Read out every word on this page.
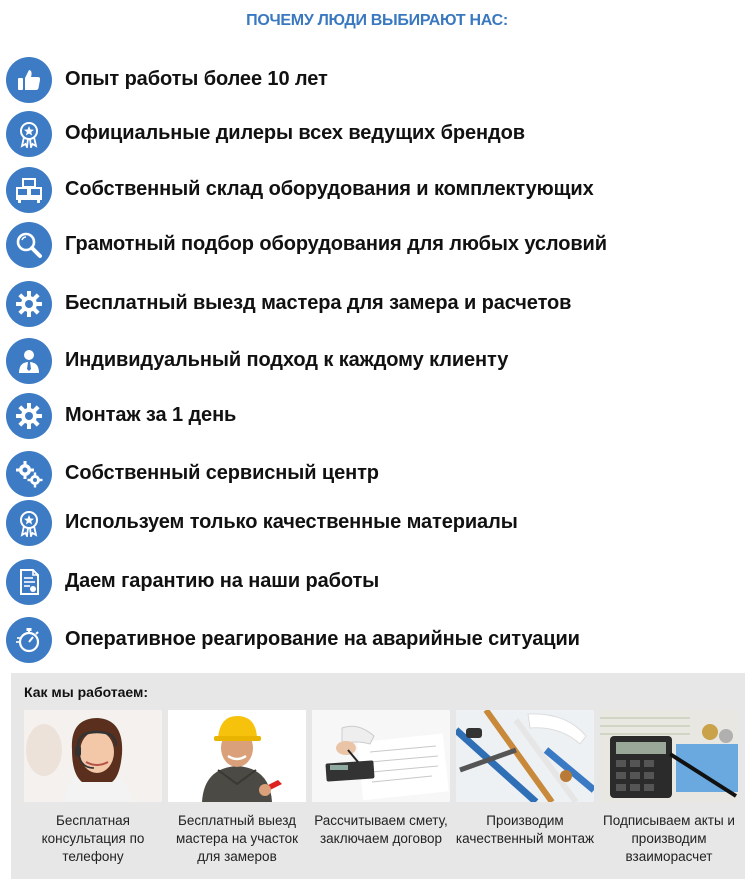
ПОЧЕМУ ЛЮДИ ВЫБИРАЮТ НАС:
Опыт работы более 10 лет
Официальные дилеры всех ведущих брендов
Собственный склад оборудования и комплектующих
Грамотный подбор оборудования для любых условий
Бесплатный выезд мастера для замера и расчетов
Индивидуальный подход к каждому клиенту
Монтаж за 1 день
Собственный сервисный центр
Используем только качественные материалы
Даем гарантию на наши работы
Оперативное реагирование на аварийные ситуации
Как мы работаем:
Бесплатная консультация по телефону
Бесплатный выезд мастера на участок для замеров
Рассчитываем смету, заключаем договор
Производим качественный монтаж
Подписываем акты и производим взаиморасчет
